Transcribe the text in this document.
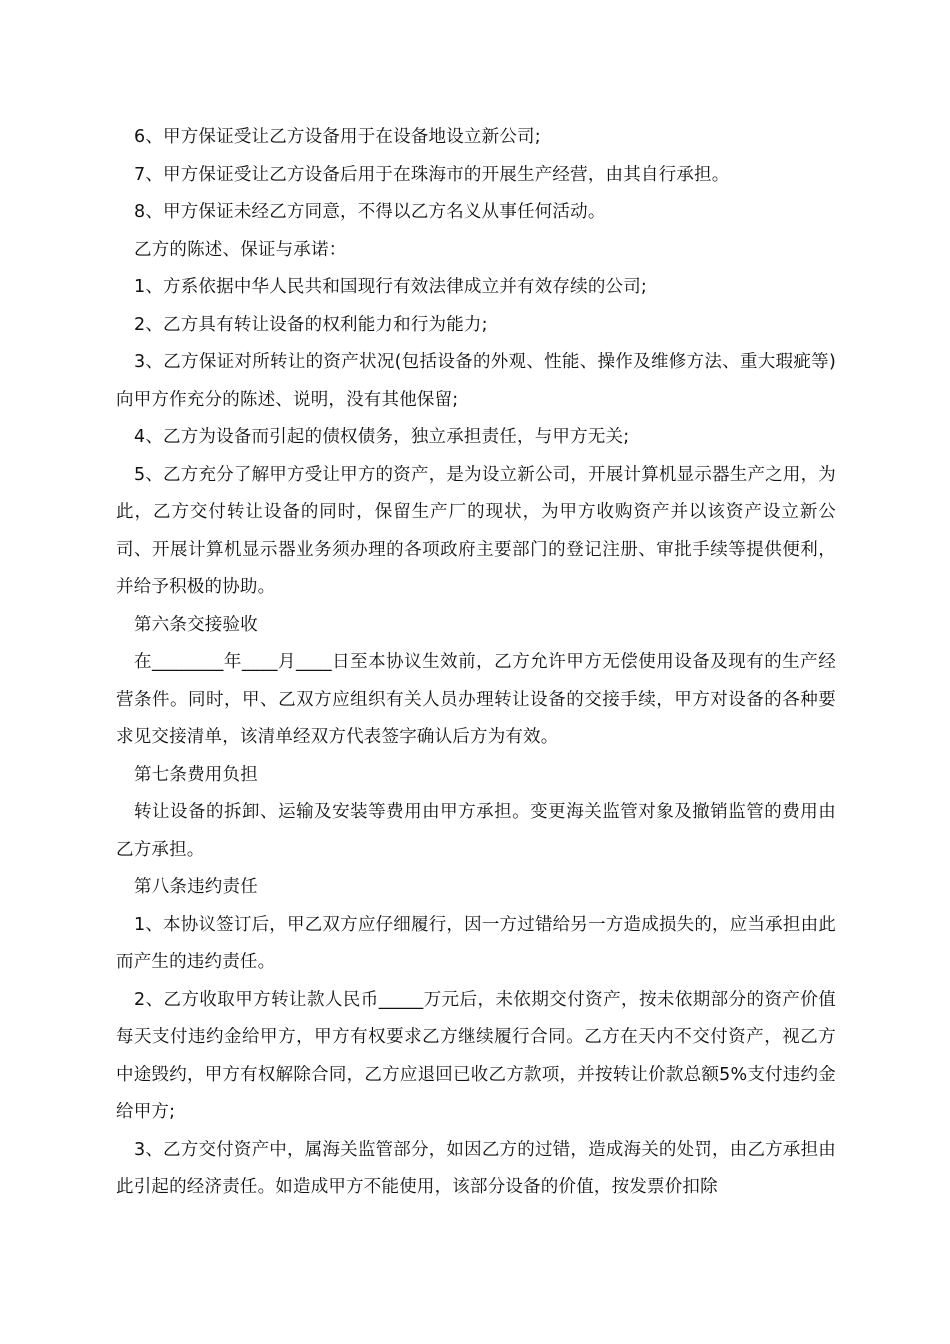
6、甲方保证受让乙方设备用于在设备地设立新公司;

7、甲方保证受让乙方设备后用于在珠海市的开展生产经营，由其自行承担。

8、甲方保证未经乙方同意，不得以乙方名义从事任何活动。

乙方的陈述、保证与承诺：

1、方系依据中华人民共和国现行有效法律成立并有效存续的公司;

2、乙方具有转让设备的权利能力和行为能力;

3、乙方保证对所转让的资产状况(包括设备的外观、性能、操作及维修方法、重大瑕疵等)向甲方作充分的陈述、说明，没有其他保留;

4、乙方为设备而引起的债权债务，独立承担责任，与甲方无关;

5、乙方充分了解甲方受让甲方的资产，是为设立新公司，开展计算机显示器生产之用，为此，乙方交付转让设备的同时，保留生产厂的现状，为甲方收购资产并以该资产设立新公司、开展计算机显示器业务须办理的各项政府主要部门的登记注册、审批手续等提供便利，并给予积极的协助。

第六条交接验收

在________年____月____日至本协议生效前，乙方允许甲方无偿使用设备及现有的生产经营条件。同时，甲、乙双方应组织有关人员办理转让设备的交接手续，甲方对设备的各种要求见交接清单，该清单经双方代表签字确认后方为有效。

第七条费用负担

转让设备的拆卸、运输及安装等费用由甲方承担。变更海关监管对象及撤销监管的费用由乙方承担。

第八条违约责任

1、本协议签订后，甲乙双方应仔细履行，因一方过错给另一方造成损失的，应当承担由此而产生的违约责任。

2、乙方收取甲方转让款人民币_____万元后，未依期交付资产，按未依期部分的资产价值每天支付违约金给甲方，甲方有权要求乙方继续履行合同。乙方在天内不交付资产，视乙方中途毁约，甲方有权解除合同，乙方应退回已收乙方款项，并按转让价款总额5%支付违约金给甲方;

3、乙方交付资产中，属海关监管部分，如因乙方的过错，造成海关的处罚，由乙方承担由此引起的经济责任。如造成甲方不能使用，该部分设备的价值，按发票价扣除
